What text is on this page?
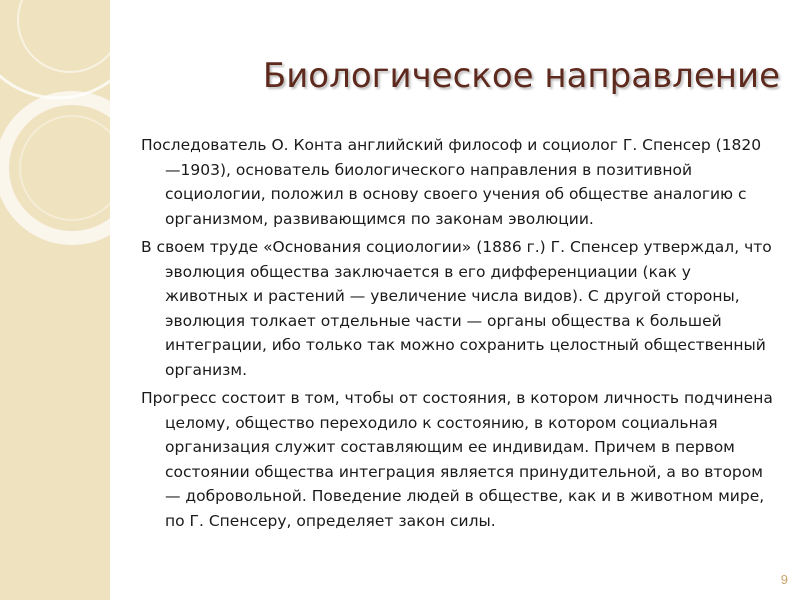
Биологическое направление

Последователь О. Конта английский философ и социолог Г. Спенсер (1820—1903), основатель биологического направления в позитивной социологии, положил в основу своего учения об обществе аналогию с организмом, развивающимся по законам эволюции.

В своем труде «Основания социологии» (1886 г.) Г. Спенсер утверждал, что эволюция общества заключается в его дифференциации (как у животных и растений — увеличение числа видов). С другой стороны, эволюция толкает отдельные части — органы общества к большей интеграции, ибо только так можно сохранить целостный общественный организм.

Прогресс состоит в том, чтобы от состояния, в котором личность подчинена целому, общество переходило к состоянию, в котором социальная организация служит составляющим ее индивидам. Причем в первом состоянии общества интеграция является принудительной, а во втором — добровольной. Поведение людей в обществе, как и в животном мире, по Г. Спенсеру, определяет закон силы.

9
